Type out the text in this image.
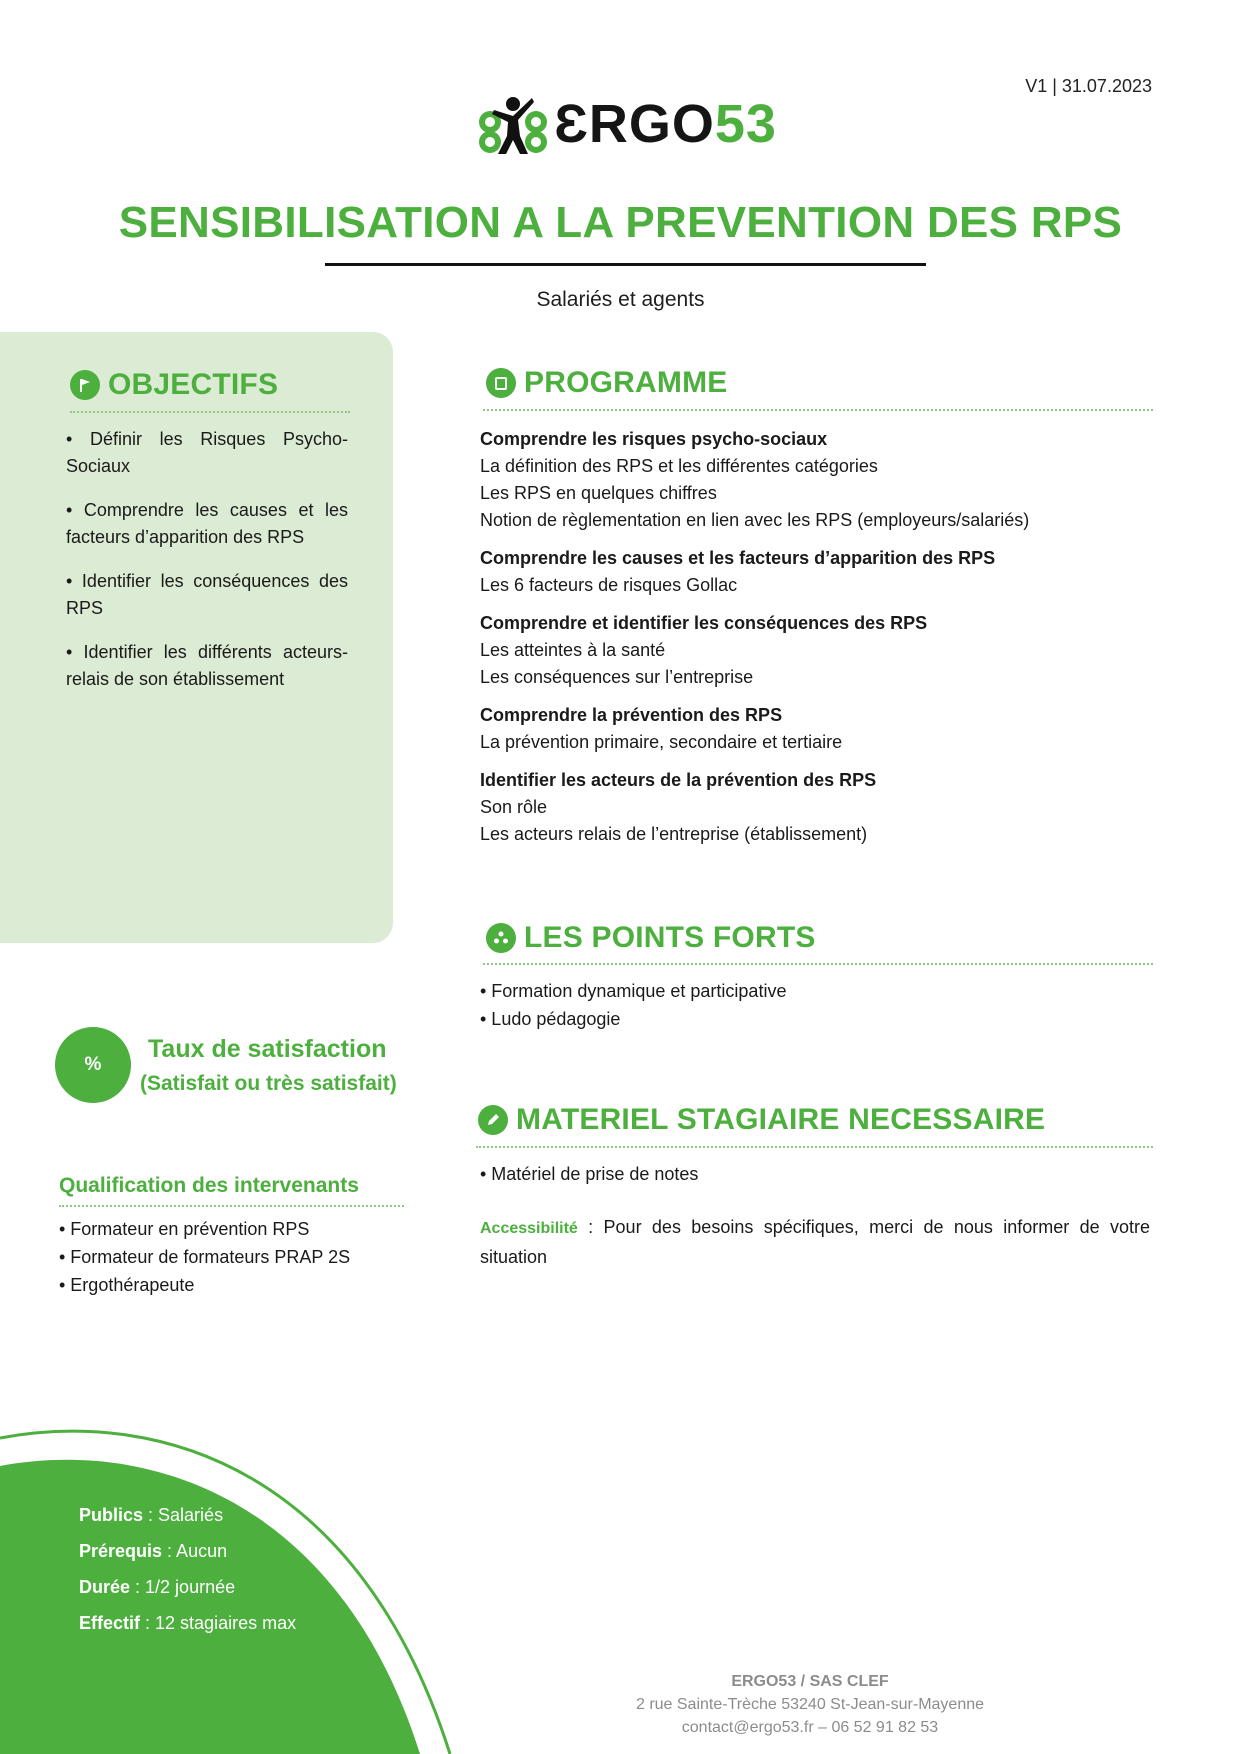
V1 | 31.07.2023
ƐRGO53
SENSIBILISATION A LA PREVENTION DES RPS
Salariés et agents
OBJECTIFS
• Définir les Risques Psycho-Sociaux
• Comprendre les causes et les facteurs d’apparition des RPS
• Identifier les conséquences des RPS
• Identifier les différents acteurs-relais de son établissement
PROGRAMME
Comprendre les risques psycho-sociaux
La définition des RPS et les différentes catégories
Les RPS en quelques chiffres
Notion de règlementation en lien avec les RPS (employeurs/salariés)
Comprendre les causes et les facteurs d’apparition des RPS
Les 6 facteurs de risques Gollac
Comprendre et identifier les conséquences des RPS
Les atteintes à la santé
Les conséquences sur l’entreprise
Comprendre la prévention des RPS
La prévention primaire, secondaire et tertiaire
Identifier les acteurs de la prévention des RPS
Son rôle
Les acteurs relais de l’entreprise (établissement)
LES POINTS FORTS
• Formation dynamique et participative
• Ludo pédagogie
MATERIEL STAGIAIRE NECESSAIRE
• Matériel de prise de notes
Accessibilité : Pour des besoins spécifiques, merci de nous informer de votre situation
%
Taux de satisfaction
(Satisfait ou très satisfait)
Qualification des intervenants
• Formateur en prévention RPS
• Formateur de formateurs PRAP 2S
• Ergothérapeute
Publics : Salariés
Prérequis : Aucun
Durée : 1/2 journée
Effectif : 12 stagiaires max
ERGO53 / SAS CLEF
2 rue Sainte-Trèche 53240 St-Jean-sur-Mayenne
contact@ergo53.fr – 06 52 91 82 53
